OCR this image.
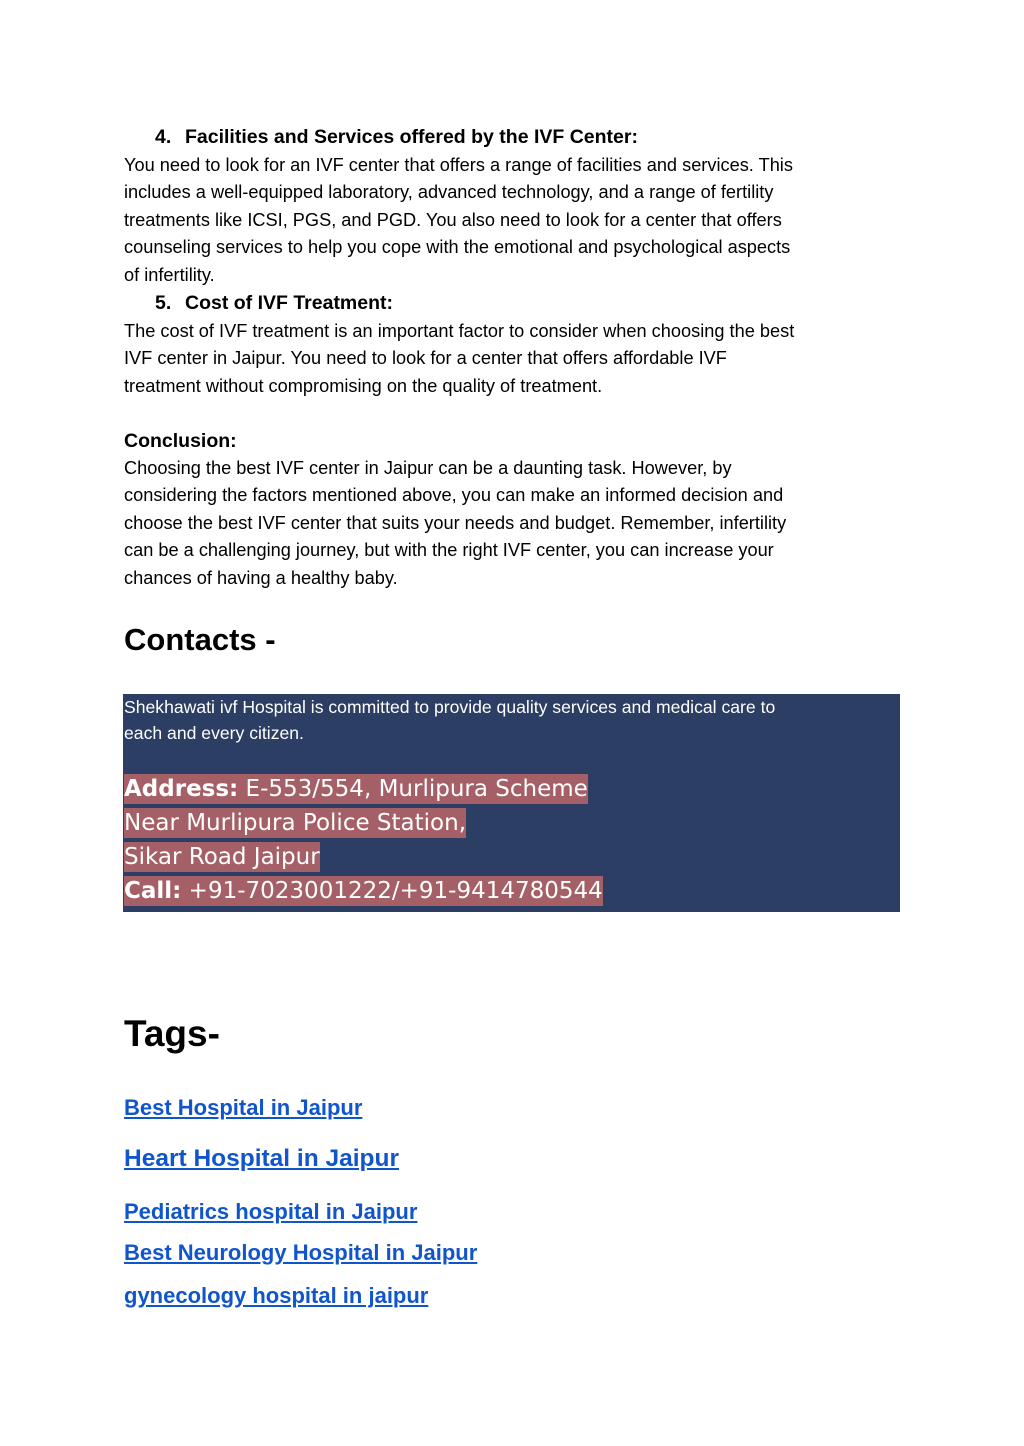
4. Facilities and Services offered by the IVF Center:

You need to look for an IVF center that offers a range of facilities and services. This
includes a well-equipped laboratory, advanced technology, and a range of fertility
treatments like ICSI, PGS, and PGD. You also need to look for a center that offers
counseling services to help you cope with the emotional and psychological aspects
of infertility.

5. Cost of IVF Treatment:

The cost of IVF treatment is an important factor to consider when choosing the best
IVF center in Jaipur. You need to look for a center that offers affordable IVF
treatment without compromising on the quality of treatment.

Conclusion:

Choosing the best IVF center in Jaipur can be a daunting task. However, by
considering the factors mentioned above, you can make an informed decision and
choose the best IVF center that suits your needs and budget. Remember, infertility
can be a challenging journey, but with the right IVF center, you can increase your
chances of having a healthy baby.

Contacts -
Shekhawati ivf Hospital is committed to provide quality services and medical care to
each and every citizen.
Address: E-553/554, Murlipura Scheme
Near Murlipura Police Station,
Sikar Road Jaipur
Call: +91-7023001222/+91-9414780544
Tags-
Best Hospital in Jaipur
Heart Hospital in Jaipur
Pediatrics hospital in Jaipur
Best Neurology Hospital in Jaipur
gynecology hospital in jaipur
